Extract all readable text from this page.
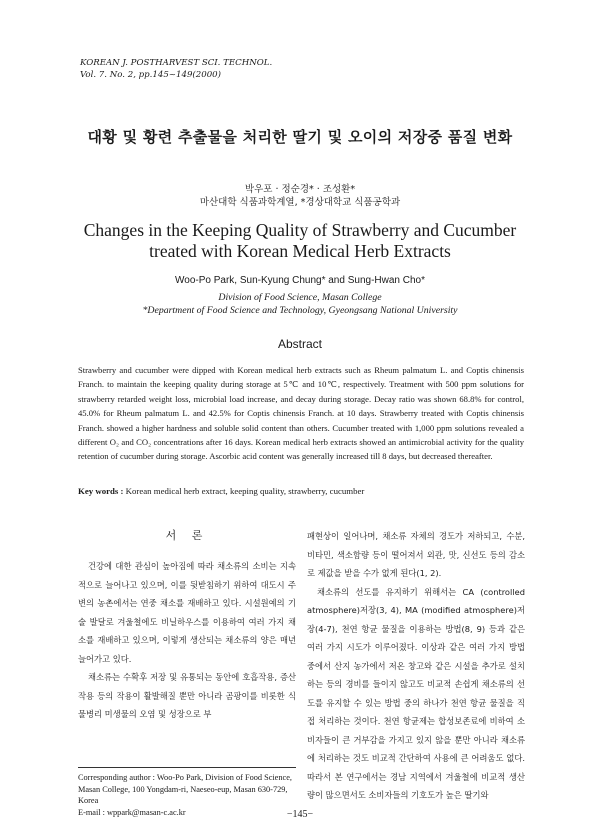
KOREAN J. POSTHARVEST SCI. TECHNOL.
Vol. 7. No. 2, pp.145~149(2000)
대황 및 황련 추출물을 처리한 딸기 및 오이의 저장중 품질 변화
박우포 · 정순경* · 조성환*
마산대학 식품과학계열, *경상대학교 식품공학과
Changes in the Keeping Quality of Strawberry and Cucumber
treated with Korean Medical Herb Extracts
Woo-Po Park, Sun-Kyung Chung* and Sung-Hwan Cho*
Division of Food Science, Masan College
*Department of Food Science and Technology, Gyeongsang National University
Abstract
Strawberry and cucumber were dipped with Korean medical herb extracts such as Rheum palmatum L. and Coptis chinensis Franch. to maintain the keeping quality during storage at 5℃ and 10℃, respectively. Treatment with 500 ppm solutions for strawberry retarded weight loss, microbial load increase, and decay during storage. Decay ratio was shown 68.8% for control, 45.0% for Rheum palmatum L. and 42.5% for Coptis chinensis Franch. at 10 days. Strawberry treated with Coptis chinensis Franch. showed a higher hardness and soluble solid content than others. Cucumber treated with 1,000 ppm solutions revealed a different O₂ and CO₂ concentrations after 16 days. Korean medical herb extracts showed an antimicrobial activity for the quality retention of cucumber during storage. Ascorbic acid content was generally increased till 8 days, but decreased thereafter.
Key words : Korean medical herb extract, keeping quality, strawberry, cucumber
서 론

건강에 대한 관심이 높아짐에 따라 채소류의 소비는 지속적으로 늘어나고 있으며, 이를 뒷받침하기 위하여 대도시 주변의 농촌에서는 연중 채소를 재배하고 있다. 시설원예의 기술 발달로 겨울철에도 비닐하우스를 이용하여 여러 가지 채소를 재배하고 있으며, 이렇게 생산되는 채소류의 양은 매년 늘어가고 있다.

채소류는 수확후 저장 및 유통되는 동안에 호흡작용, 증산작용 등의 작용이 활발해질 뿐만 아니라 곰팡이를 비롯한 식물병리 미생물의 오염 및 성장으로 부

패현상이 일어나며, 채소류 자체의 경도가 저하되고, 수분, 비타민, 색소함량 등이 떨어져서 외관, 맛, 신선도 등의 감소로 제값을 받을 수가 없게 된다(1, 2).

채소류의 선도를 유지하기 위해서는 CA (controlled atmosphere)저장(3, 4), MA (modified atmosphere)저장(4-7), 천연 항균 물질을 이용하는 방법(8, 9) 등과 같은 여러 가지 시도가 이루어졌다. 이상과 같은 여러 가지 방법 중에서 산지 농가에서 저온 창고와 같은 시설을 추가로 설치하는 등의 경비를 들이지 않고도 비교적 손쉽게 채소류의 선도를 유지할 수 있는 방법 중의 하나가 천연 항균 물질을 직접 처리하는 것이다. 천연 항균제는 합성보존료에 비하여 소비자들이 큰 거부감을 가지고 있지 않을 뿐만 아니라 채소류에 처리하는 것도 비교적 간단하여 사용에 큰 어려움도 없다. 따라서 본 연구에서는 경남 지역에서 겨울철에 비교적 생산량이 많으면서도 소비자들의 기호도가 높은 딸기와

Corresponding author : Woo-Po Park, Division of Food Science, Masan College, 100 Yongdam-ri, Naeseo-eup, Masan 630-729, Korea
E-mail : wppark@masan-c.ac.kr	−145−
